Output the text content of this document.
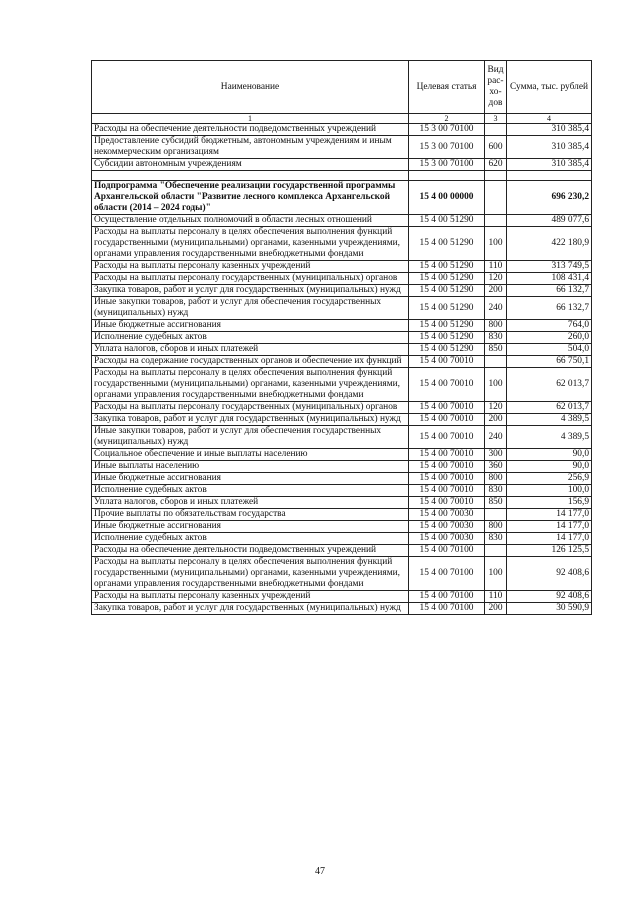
Наименование	Целевая статья	Вид рас-хо-дов	Сумма, тыс. рублей
1	2	3	4
Расходы на обеспечение деятельности подведомственных учреждений	15 3 00 70100		310 385,4
Предоставление субсидий бюджетным, автономным учреждениям и иным некоммерческим организациям	15 3 00 70100	600	310 385,4
Субсидии автономным учреждениям	15 3 00 70100	620	310 385,4

Подпрограмма "Обеспечение реализации государственной программы Архангельской области "Развитие лесного комплекса Архангельской области (2014 – 2024 годы)"	15 4 00 00000		696 230,2
Осуществление отдельных полномочий в области лесных отношений	15 4 00 51290		489 077,6
Расходы на выплаты персоналу в целях обеспечения выполнения функций государственными (муниципальными) органами, казенными учреждениями, органами управления государственными внебюджетными фондами	15 4 00 51290	100	422 180,9
Расходы на выплаты персоналу казенных учреждений	15 4 00 51290	110	313 749,5
Расходы на выплаты персоналу государственных (муниципальных) органов	15 4 00 51290	120	108 431,4
Закупка товаров, работ и услуг для государственных (муниципальных) нужд	15 4 00 51290	200	66 132,7
Иные закупки товаров, работ и услуг для обеспечения государственных (муниципальных) нужд	15 4 00 51290	240	66 132,7
Иные бюджетные ассигнования	15 4 00 51290	800	764,0
Исполнение судебных актов	15 4 00 51290	830	260,0
Уплата налогов, сборов и иных платежей	15 4 00 51290	850	504,0
Расходы на содержание государственных органов и обеспечение их функций	15 4 00 70010		66 750,1
Расходы на выплаты персоналу в целях обеспечения выполнения функций государственными (муниципальными) органами, казенными учреждениями, органами управления государственными внебюджетными фондами	15 4 00 70010	100	62 013,7
Расходы на выплаты персоналу государственных (муниципальных) органов	15 4 00 70010	120	62 013,7
Закупка товаров, работ и услуг для государственных (муниципальных) нужд	15 4 00 70010	200	4 389,5
Иные закупки товаров, работ и услуг для обеспечения государственных (муниципальных) нужд	15 4 00 70010	240	4 389,5
Социальное обеспечение и иные выплаты населению	15 4 00 70010	300	90,0
Иные выплаты населению	15 4 00 70010	360	90,0
Иные бюджетные ассигнования	15 4 00 70010	800	256,9
Исполнение судебных актов	15 4 00 70010	830	100,0
Уплата налогов, сборов и иных платежей	15 4 00 70010	850	156,9
Прочие выплаты по обязательствам государства	15 4 00 70030		14 177,0
Иные бюджетные ассигнования	15 4 00 70030	800	14 177,0
Исполнение судебных актов	15 4 00 70030	830	14 177,0
Расходы на обеспечение деятельности подведомственных учреждений	15 4 00 70100		126 125,5
Расходы на выплаты персоналу в целях обеспечения выполнения функций государственными (муниципальными) органами, казенными учреждениями, органами управления государственными внебюджетными фондами	15 4 00 70100	100	92 408,6
Расходы на выплаты персоналу казенных учреждений	15 4 00 70100	110	92 408,6
Закупка товаров, работ и услуг для государственных (муниципальных) нужд	15 4 00 70100	200	30 590,9
47
